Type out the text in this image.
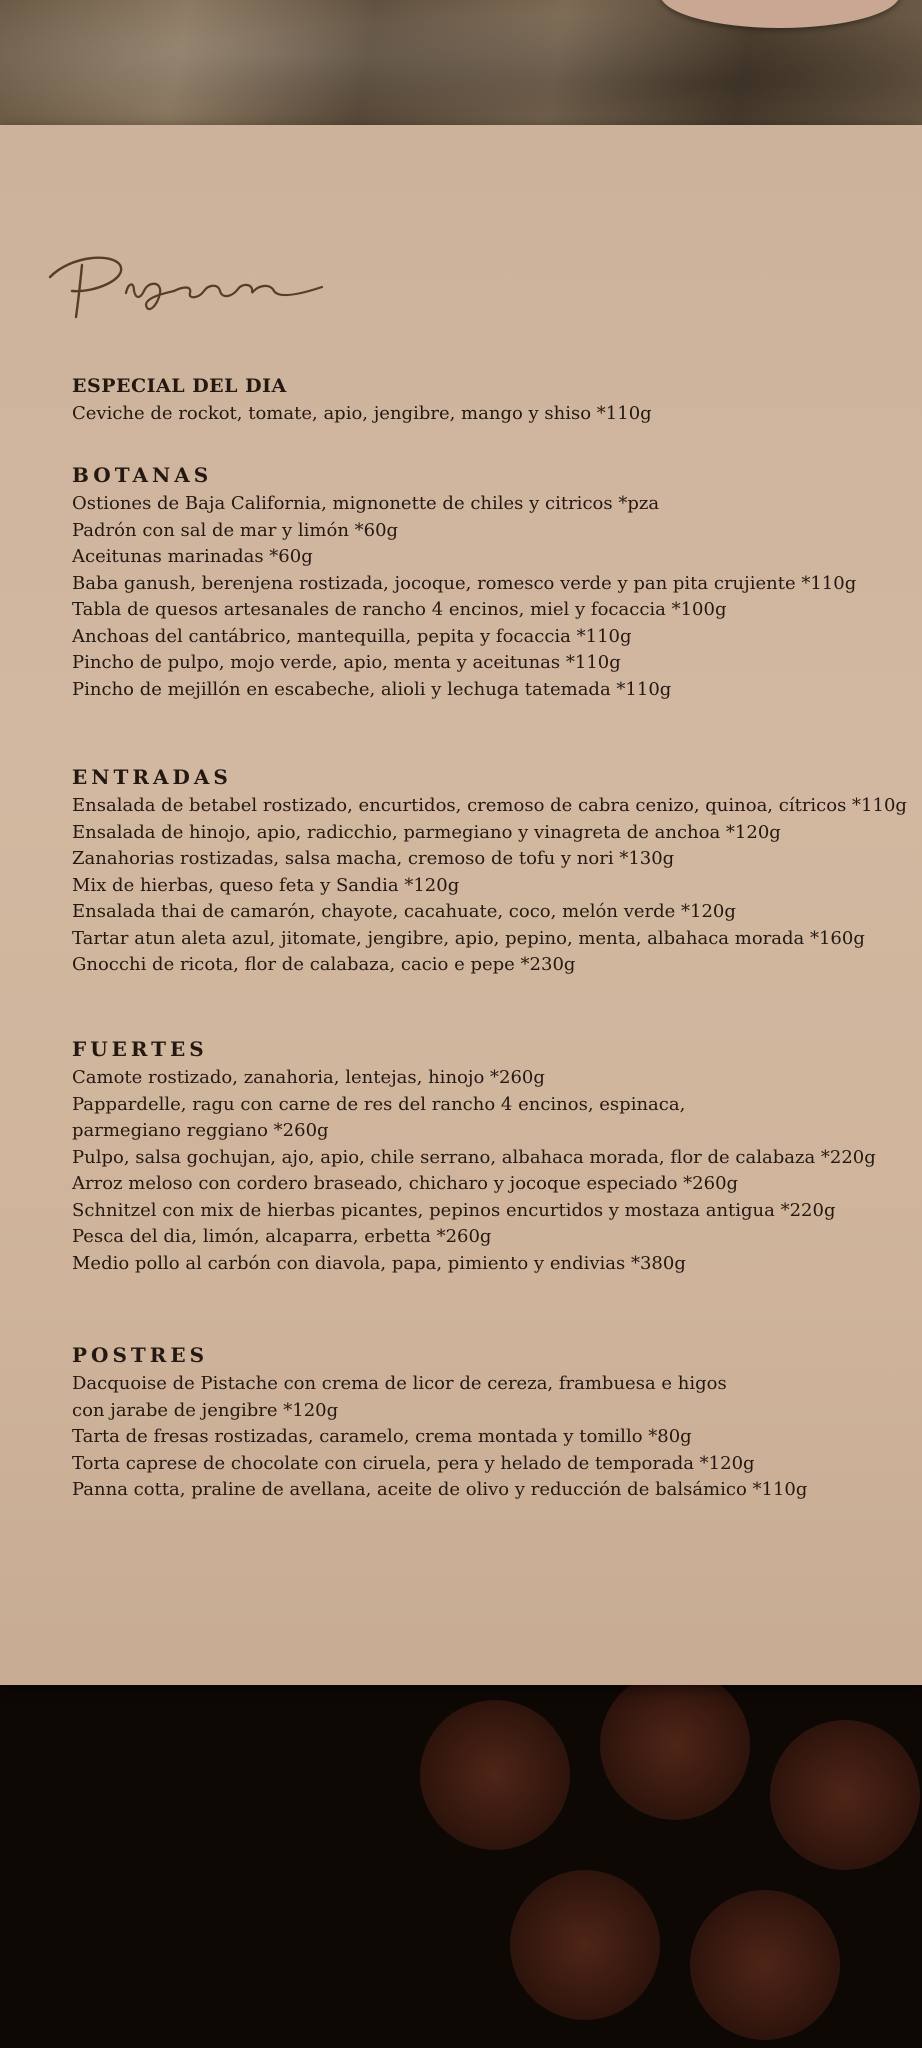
ESPECIAL DEL DIA
Ceviche de rockot, tomate, apio, jengibre, mango y shiso *110g
BOTANAS
Ostiones de Baja California, mignonette de chiles y citricos *pza
Padrón con sal de mar y limón *60g
Aceitunas marinadas *60g
Baba ganush, berenjena rostizada, jocoque, romesco verde y pan pita crujiente *110g
Tabla de quesos artesanales de rancho 4 encinos, miel y focaccia *100g
Anchoas del cantábrico, mantequilla, pepita y focaccia *110g
Pincho de pulpo, mojo verde, apio, menta y aceitunas *110g
Pincho de mejillón en escabeche, alioli y lechuga tatemada *110g
ENTRADAS
Ensalada de betabel rostizado, encurtidos, cremoso de cabra cenizo, quinoa, cítricos *110g
Ensalada de hinojo, apio, radicchio, parmegiano y vinagreta de anchoa *120g
Zanahorias rostizadas, salsa macha, cremoso de tofu y nori *130g
Mix de hierbas, queso feta y Sandia *120g
Ensalada thai de camarón, chayote, cacahuate, coco, melón verde *120g
Tartar atun aleta azul, jitomate, jengibre, apio, pepino, menta, albahaca morada *160g
Gnocchi de ricota, flor de calabaza, cacio e pepe *230g
FUERTES
Camote rostizado, zanahoria, lentejas, hinojo *260g
Pappardelle, ragu con carne de res del rancho 4 encinos, espinaca,
parmegiano reggiano *260g
Pulpo, salsa gochujan, ajo, apio, chile serrano, albahaca morada, flor de calabaza *220g
Arroz meloso con cordero braseado, chicharo y jocoque especiado *260g
Schnitzel con mix de hierbas picantes, pepinos encurtidos y mostaza antigua *220g
Pesca del dia, limón, alcaparra, erbetta *260g
Medio pollo al carbón con diavola, papa, pimiento y endivias *380g
POSTRES
Dacquoise de Pistache con crema de licor de cereza, frambuesa e higos
con jarabe de jengibre *120g
Tarta de fresas rostizadas, caramelo, crema montada y tomillo *80g
Torta caprese de chocolate con ciruela, pera y helado de temporada *120g
Panna cotta, praline de avellana, aceite de olivo y reducción de balsámico *110g
